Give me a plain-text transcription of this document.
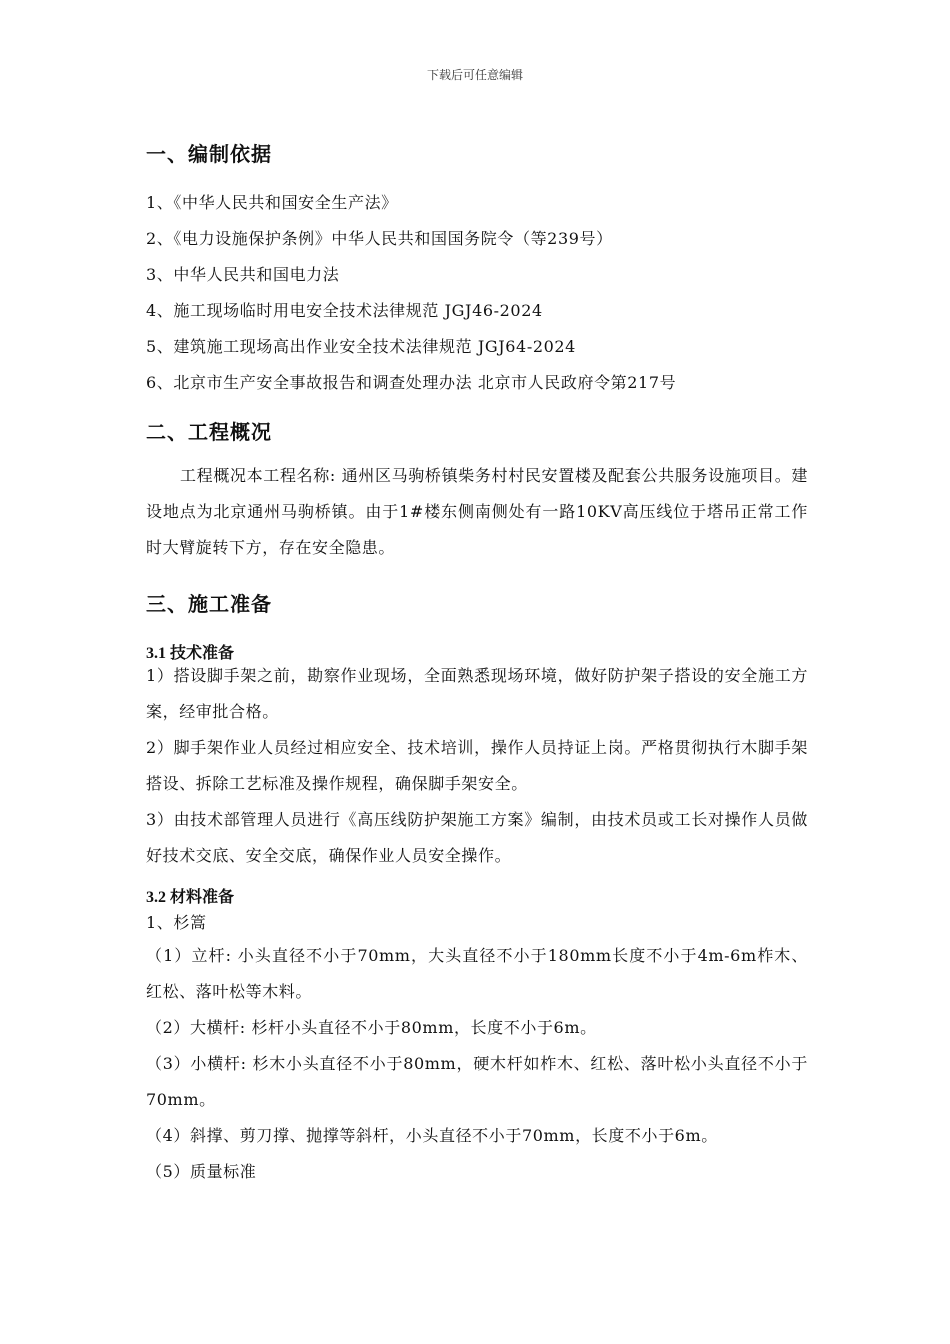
下载后可任意编辑
一、编制依据
1、《中华人民共和国安全生产法》
2、《电力设施保护条例》中华人民共和国国务院令（等239号）
3、中华人民共和国电力法
4、施工现场临时用电安全技术法律规范 JGJ46-2024
5、建筑施工现场高出作业安全技术法律规范 JGJ64-2024
6、北京市生产安全事故报告和调查处理办法 北京市人民政府令第217号
二、工程概况
工程概况本工程名称: 通州区马驹桥镇柴务村村民安置楼及配套公共服务设施项目。建设地点为北京通州马驹桥镇。由于1#楼东侧南侧处有一路10KV高压线位于塔吊正常工作时大臂旋转下方，存在安全隐患。
三、施工准备
3.1 技术准备
1）搭设脚手架之前，勘察作业现场，全面熟悉现场环境，做好防护架子搭设的安全施工方案，经审批合格。
2）脚手架作业人员经过相应安全、技术培训，操作人员持证上岗。严格贯彻执行木脚手架搭设、拆除工艺标准及操作规程，确保脚手架安全。
3）由技术部管理人员进行《高压线防护架施工方案》编制，由技术员或工长对操作人员做好技术交底、安全交底，确保作业人员安全操作。
3.2 材料准备
1、杉篙
（1）立杆: 小头直径不小于70mm，大头直径不小于180mm长度不小于4m-6m柞木、红松、落叶松等木料。
（2）大横杆: 杉杆小头直径不小于80mm，长度不小于6m。
（3）小横杆: 杉木小头直径不小于80mm，硬木杆如柞木、红松、落叶松小头直径不小于70mm。
（4）斜撑、剪刀撑、抛撑等斜杆，小头直径不小于70mm，长度不小于6m。
（5）质量标准
